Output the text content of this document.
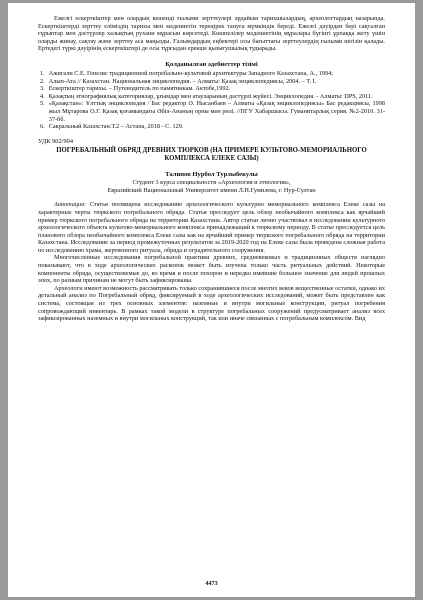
Ежелгі ескерткіштер мен олардың кешенді ғылыми зерттеулері әрдайым тарихшылардың, археологтардың назарында. Ескерткіштерді зерттеу еліміздің тарихы мен мәдениетін тереңірек тануға мүмкіндік береді. Ежелгі дәуірден бері сақталған ғұрыптар мен дәстүрлер халықтың рухани мұрасын көрсетеді. Көшпелілер мәдениетінің мұралары бүгінгі ұрпаққа жету үшін оларды жинау, сақтау және зерттеу аса маңызды. Ғалымдардың еңбектері осы бағыттағы зерттеулердің ғылыми негізін қалады. Ертедегі түркі дәуірінің ескерткіштері де осы тұрғыдан ерекше қызығушылық тудырады.

Қолданылған әдебиеттер тізімі

1. Ажигали С.Е. Генезис традиционной погребально-культовой архитектуры Западного Казахстана, А., 1994;
2. Алып-Ата // Казахстан. Национальная энциклопедия. – Алматы: Қазақ энциклопедиясы, 2004. – Т. I.
3. Ескерткіштер тарихы. – Путеводитель по памятникам. Актобе,1992.
4. Қазақтың этнографиялық категориялар, ұғымдар мен атауларының дәстүрлі жүйесі. Энциклопедия. - Алматы: DPS, 2011.
5. «Қазақстан»: Ұлттық энциклопедия / Бас редактор Ә. Нысанбаев – Алматы «Қазақ энциклопедиясы» Бас редакциясы, 1998 жыл Мұтарова О.Г. Қазақ қоғамындағы Әбіл-Ананың орны мен рөлі. //ПГУ Хабаршысы. Гуманитарлық серия. №2-2010. 31-37-бб.
6. Сакральный Казахстан.Т.2 – Астана, 2018 - С. 129.

УДК 902/904

ПОГРЕБАЛЬНЫЙ ОБРЯД ДРЕВНИХ ТЮРКОВ (НА ПРИМЕРЕ КУЛЬТОВО-МЕМОРИАЛЬНОГО КОМПЛЕКСА ЕЛЕКЕ САЗЫ)

Талипов Нурбол Турлыбекулы

Студент 3 курса специальности «Археология и этнология»,

Евразийский Национальный Университет имени Л.Н.Гумилева, г. Нур-Султан

Аннотация: Статья посвящена исследованию археологического культурно мемориального комплекса Елеке сазы на характерные черты тюркского погребального обряда. Статья преследует цель обзор необычайного комплекса как ярчайший пример тюркского погребального обряда на территории Казахстана. Автор статьи лично участвовал в исследовании культурного археологического объекта культово-мемориального комплекса принадлежащий к тюркскому периоду. В статье преследуется цель планового обзора необычайного комплекса Елеке сазы как на ярчайший пример тюркского погребального обряда на территории Казахстана. Исследование за период промежуточных результатов за 2019-2020 год на Елеке сазы была проведена сложная работа по исследованию храма, жертвенного ритуала, обряда и оградительного сооружения.

Многочисленные исследования погребальной практики древних, средневековых и традиционных обществ наглядно показывают, что в ходе археологических раскопок может быть изучена только часть ритуальных действий. Некоторые компоненты обряда, осуществляемые до, во время и после похорон и нередко имевшие большое значение для людей прошлых эпох, по разным причинам не могут быть зафиксированы.

Археологи имеют возможность рассматривать только сохранившиеся после многих веков вещественные остатки, однако их детальный анализ по Погребальный обряд, фиксируемый в ходе археологических исследований, может быть представлен как система, состоящая из трех основных элементов: наземные и внутри могильные конструкции, ритуал погребения сопровождающий инвентарь. В рамках такой модели в структуре погребальных сооружений предусматривает анализ всех зафиксированных наземных и внутри могильных конструкций, так или иначе связанных с погребальным комплексом. Вид

4473
